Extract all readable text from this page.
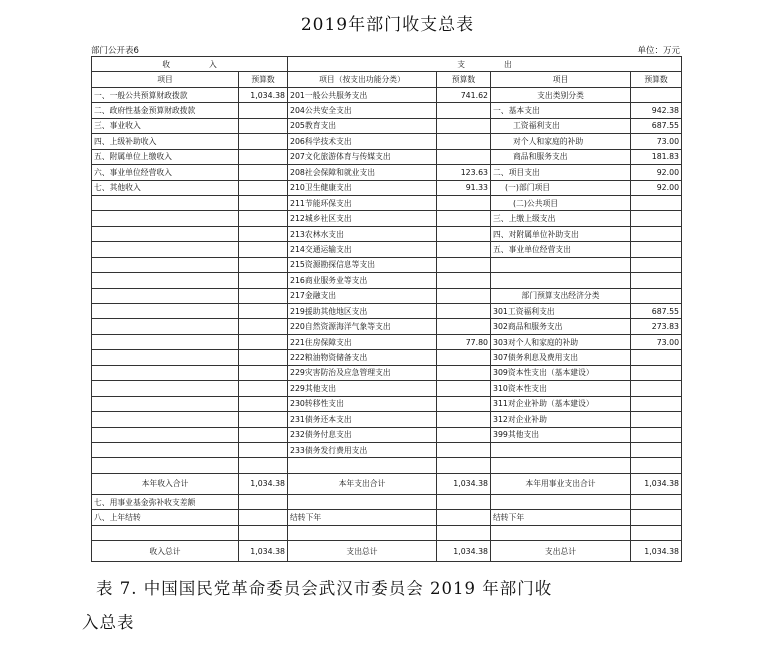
2019年部门收支总表
部门公开表6	单位：万元
收　　　　　入		支　　　　　出			
项目	预算数	项目（按支出功能分类）	预算数	项目	预算数
一、一般公共预算财政拨款	1,034.38	201一般公共服务支出	741.62	支出类别分类	
二、政府性基金预算财政拨款		204公共安全支出		一、基本支出	942.38
三、事业收入		205教育支出		工资福利支出	687.55
四、上级补助收入		206科学技术支出		对个人和家庭的补助	73.00
五、附属单位上缴收入		207文化旅游体育与传媒支出		商品和服务支出	181.83
六、事业单位经营收入		208社会保障和就业支出	123.63	二、项目支出	92.00
七、其他收入		210卫生健康支出	91.33	(一)部门项目	92.00
		211节能环保支出		(二)公共项目	
		212城乡社区支出		三、上缴上级支出	
		213农林水支出		四、对附属单位补助支出	
		214交通运输支出		五、事业单位经营支出	
		215资源勘探信息等支出			
		216商业服务业等支出			
		217金融支出		部门预算支出经济分类	
		219援助其他地区支出		301工资福利支出	687.55
		220自然资源海洋气象等支出		302商品和服务支出	273.83
		221住房保障支出	77.80	303对个人和家庭的补助	73.00
		222粮油物资储备支出		307债务利息及费用支出	
		229灾害防治及应急管理支出		309资本性支出（基本建设）	
		229其他支出		310资本性支出	
		230转移性支出		311对企业补助（基本建设）	
		231债务还本支出		312对企业补助	
		232债务付息支出		399其他支出	
		233债务发行费用支出			

本年收入合计	1,034.38	本年支出合计	1,034.38	本年用事业支出合计	1,034.38
七、用事业基金弥补收支差额					
八、上年结转		结转下年		结转下年	

收入总计	1,034.38	支出总计	1,034.38	支出总计	1,034.38
表 7. 中国国民党革命委员会武汉市委员会 2019 年部门收
入总表
